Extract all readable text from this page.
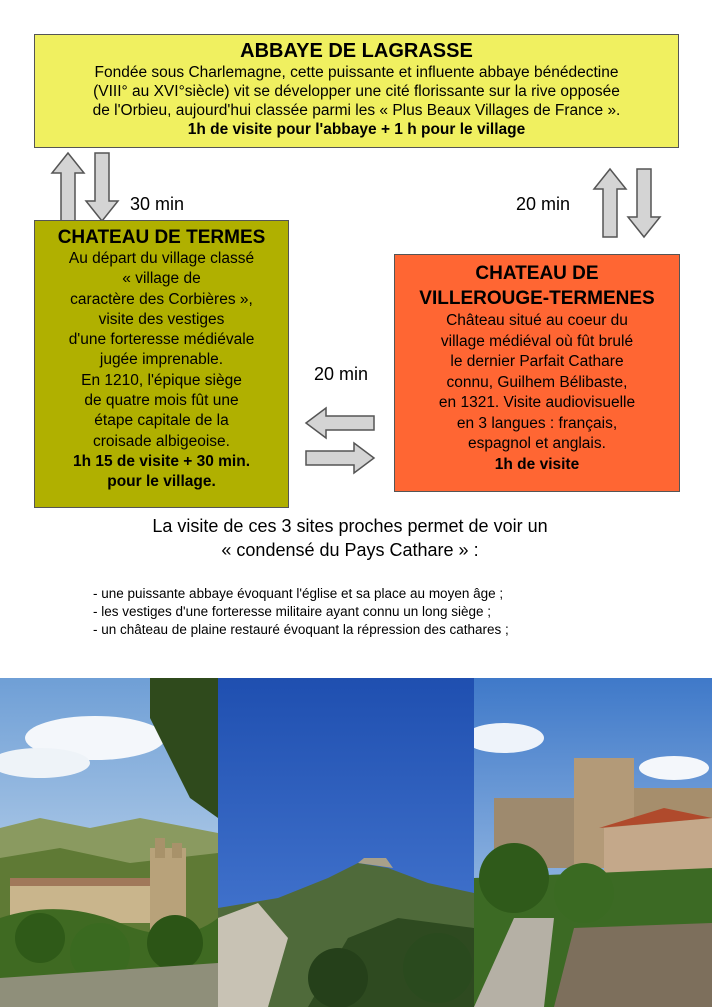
ABBAYE DE LAGRASSE
Fondée sous Charlemagne, cette puissante et influente abbaye bénédectine
(VIII° au XVI°siècle) vit se développer une cité florissante sur la rive opposée
de l'Orbieu, aujourd'hui classée parmi les « Plus Beaux Villages de France ».
1h de visite pour l'abbaye + 1 h pour le village
30 min	20 min
CHATEAU DE TERMES
Au départ du village classé
« village de
caractère des Corbières »,
visite des vestiges
d'une forteresse médiévale
jugée imprenable.
En 1210, l'épique siège
de quatre mois fût une
étape capitale de la
croisade albigeoise.
1h 15 de visite + 30 min.
pour le village.
20 min
CHATEAU DE
VILLEROUGE-TERMENES
Château situé au coeur du
village médiéval où fût brulé
le dernier Parfait Cathare
connu, Guilhem Bélibaste,
en 1321. Visite audiovisuelle
en 3 langues : français,
espagnol et anglais.
1h de visite
La visite de ces 3 sites proches permet de voir un
« condensé du Pays Cathare » :
- une puissante abbaye évoquant l'église et sa place au moyen âge ;
- les vestiges d'une forteresse militaire ayant connu un long siège ;
- un château de plaine restauré évoquant la répression des cathares ;
